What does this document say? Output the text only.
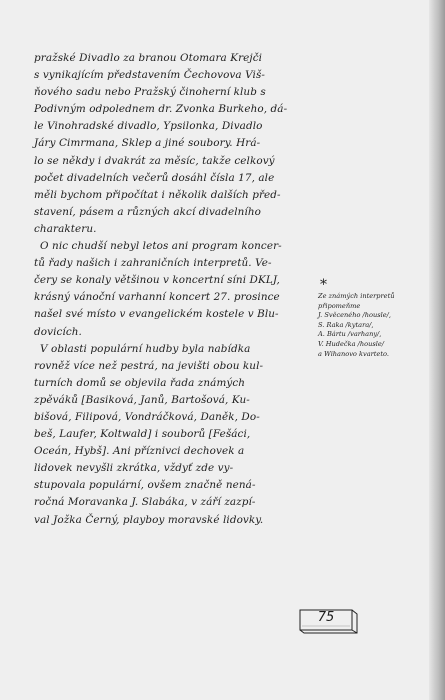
pražské Divadlo za branou Otomara Krejči
s vynikajícím představením Čechovova Viš-
ňového sadu nebo Pražský činoherní klub s
Podivným odpolednem dr. Zvonka Burkeho, dá-
le Vinohradské divadlo, Ypsilonka, Divadlo
Járy Cimrmana, Sklep a jiné soubory. Hrá-
lo se někdy i dvakrát za měsíc, takže celkový
počet divadelních večerů dosáhl čísla 17, ale
měli bychom připočítat i několik dalších před-
stavení, pásem a různých akcí divadelního
charakteru.
O nic chudší nebyl letos ani program koncer-
tů řady našich i zahraničních interpretů. Ve-
čery se konaly většinou v koncertní síni DKLJ,
krásný vánoční varhanní koncert 27. prosince
našel své místo v evangelickém kostele v Blu-
dovicích.
V oblasti populární hudby byla nabídka
rovněž více než pestrá, na jevišti obou kul-
turních domů se objevila řada známých
zpěváků [Basiková, Janů, Bartošová, Ku-
bišová, Filipová, Vondráčková, Daněk, Do-
beš, Laufer, Koltwald] i souborů [Fešáci,
Oceán, Hybš]. Ani příznivci dechovek a
lidovek nevyšli zkrátka, vždyť zde vy-
stupovala populární, ovšem značně nená-
ročná Moravanka J. Slabáka, v září zazpí-
val Jožka Černý, playboy moravské lidovky.
*
Ze známých interpretů
připomeňme
J. Svěceného /housle/,
S. Raka /kytara/,
A. Bártu /varhany/,
V. Hudečka /housle/
a Wihanovo kvarteto.
75
